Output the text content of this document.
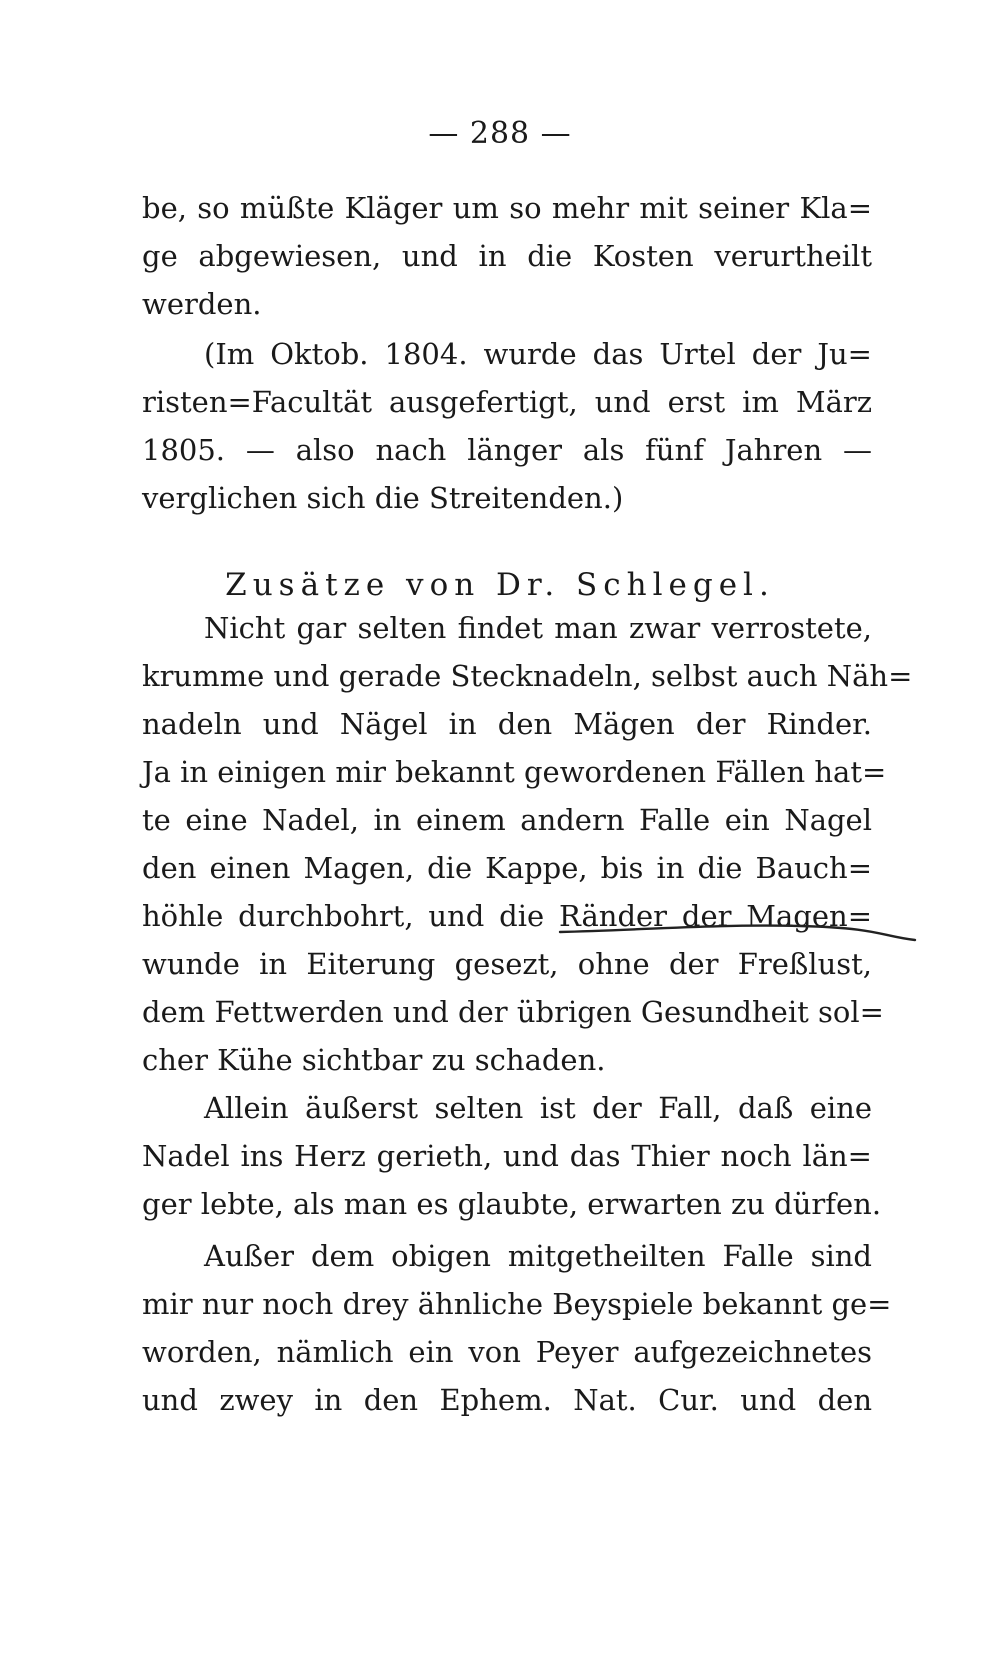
— 288 —
be, so müßte Kläger um so mehr mit seiner Kla=
ge abgewiesen, und in die Kosten verurtheilt
werden.
(Im Oktob. 1804. wurde das Urtel der Ju=
risten=Facultät ausgefertigt, und erst im März
1805. — also nach länger als fünf Jahren —
verglichen sich die Streitenden.)
Zusätze von Dr. Schlegel.
Nicht gar selten findet man zwar verrostete,
krumme und gerade Stecknadeln, selbst auch Näh=
nadeln und Nägel in den Mägen der Rinder.
Ja in einigen mir bekannt gewordenen Fällen hat=
te eine Nadel, in einem andern Falle ein Nagel
den einen Magen, die Kappe, bis in die Bauch=
höhle durchbohrt, und die Ränder der Magen=
wunde in Eiterung gesezt, ohne der Freßlust,
dem Fettwerden und der übrigen Gesundheit sol=
cher Kühe sichtbar zu schaden.
Allein äußerst selten ist der Fall, daß eine
Nadel ins Herz gerieth, und das Thier noch län=
ger lebte, als man es glaubte, erwarten zu dürfen.
Außer dem obigen mitgetheilten Falle sind
mir nur noch drey ähnliche Beyspiele bekannt ge=
worden, nämlich ein von Peyer aufgezeichnetes
und zwey in den Ephem. Nat. Cur. und den
